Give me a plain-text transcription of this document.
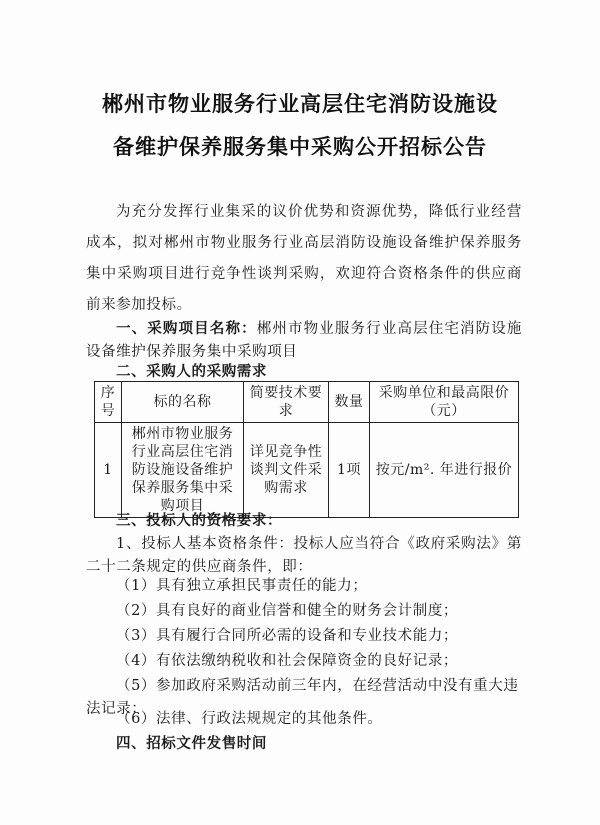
郴州市物业服务行业高层住宅消防设施设
备维护保养服务集中采购公开招标公告
为充分发挥行业集采的议价优势和资源优势，降低行业经营成本，拟对郴州市物业服务行业高层消防设施设备维护保养服务集中采购项目进行竞争性谈判采购，欢迎符合资格条件的供应商前来参加投标。
一、采购项目名称：郴州市物业服务行业高层住宅消防设施设备维护保养服务集中采购项目
二、采购人的采购需求
序号	标的名称	简要技术要求	数量	采购单位和最高限价（元）
1	郴州市物业服务行业高层住宅消防设施设备维护保养服务集中采购项目	详见竞争性谈判文件采购需求	1项	按元/m². 年进行报价
三、投标人的资格要求：
1、投标人基本资格条件：投标人应当符合《政府采购法》第二十二条规定的供应商条件，即：
（1）具有独立承担民事责任的能力；
（2）具有良好的商业信誉和健全的财务会计制度；
（3）具有履行合同所必需的设备和专业技术能力；
（4）有依法缴纳税收和社会保障资金的良好记录；
（5）参加政府采购活动前三年内，在经营活动中没有重大违法记录；
（6）法律、行政法规规定的其他条件。
四、招标文件发售时间
